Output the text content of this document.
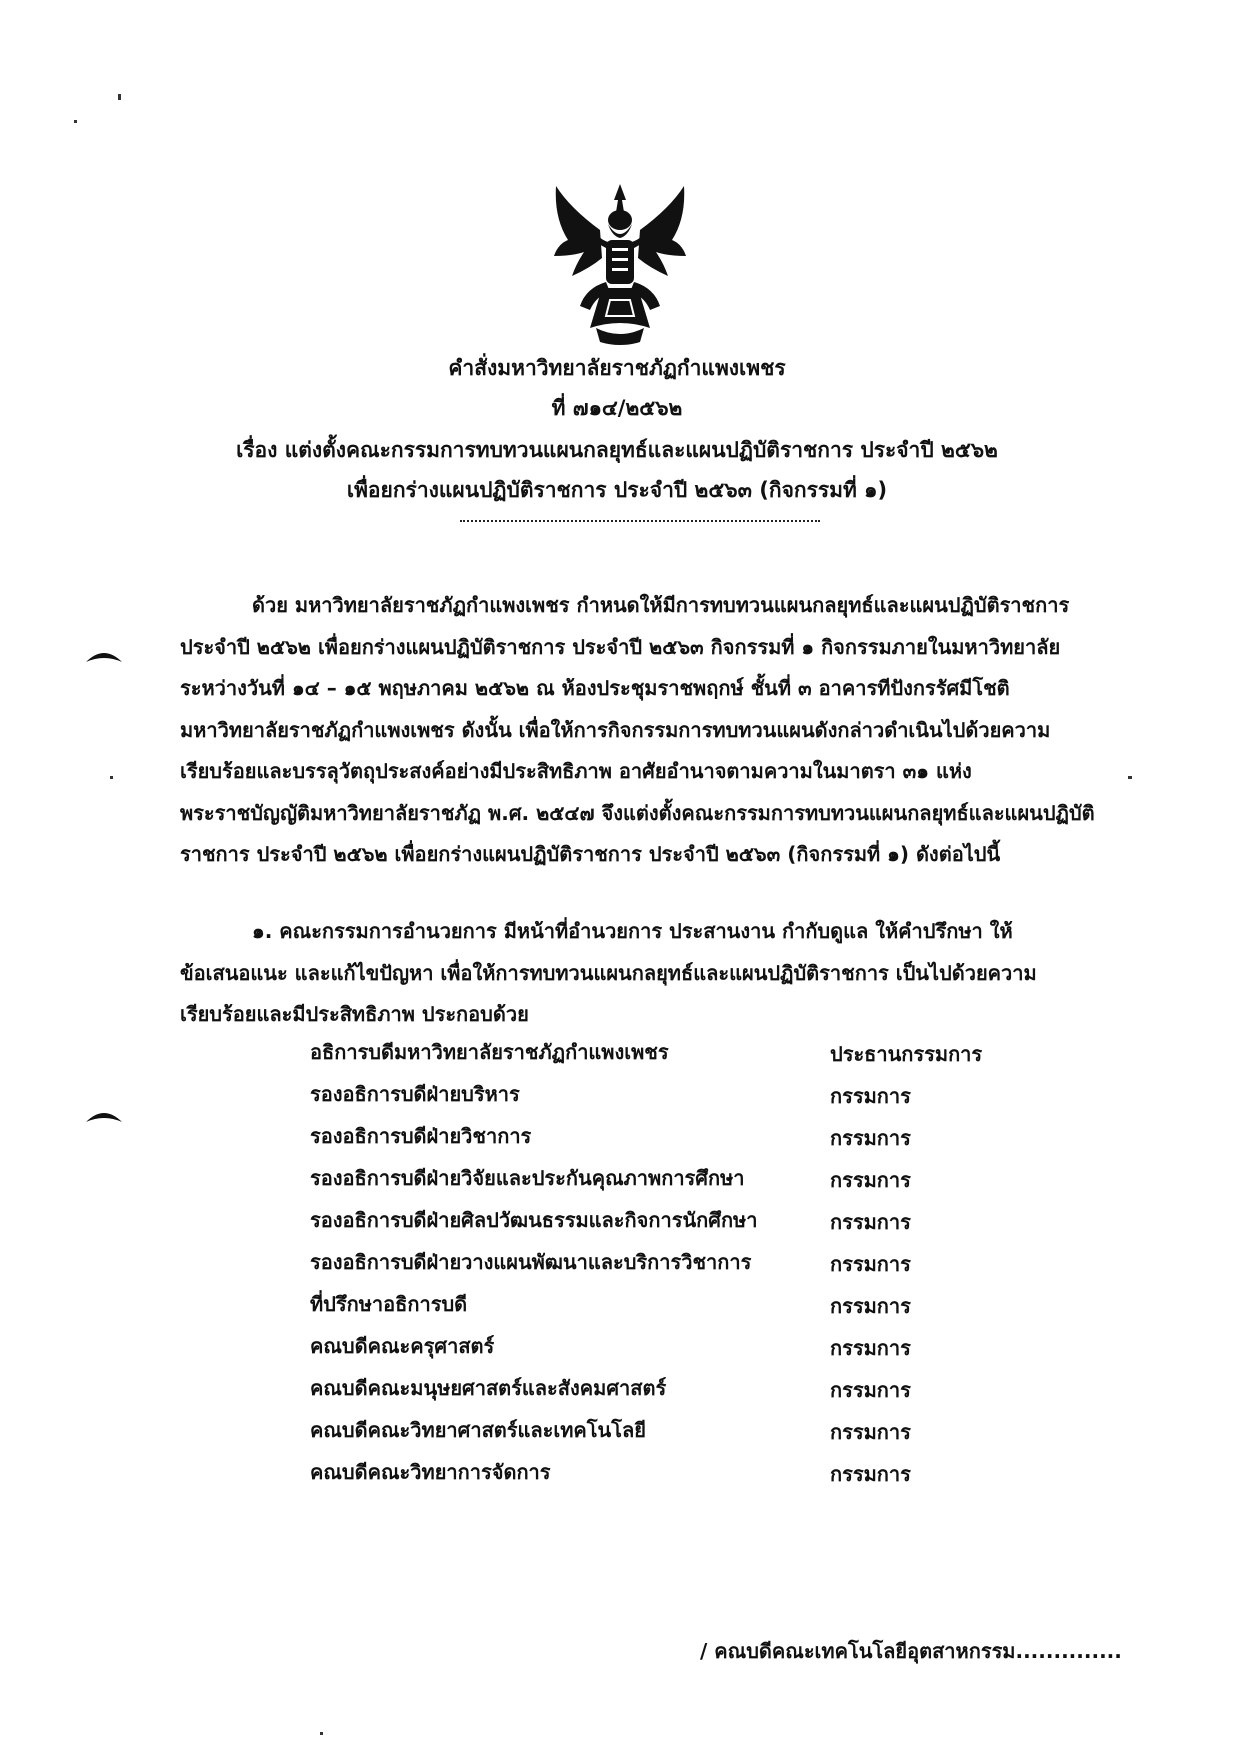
คำสั่งมหาวิทยาลัยราชภัฏกำแพงเพชร
ที่ ๗๑๔/๒๕๖๒
เรื่อง แต่งตั้งคณะกรรมการทบทวนแผนกลยุทธ์และแผนปฏิบัติราชการ ประจำปี ๒๕๖๒
เพื่อยกร่างแผนปฏิบัติราชการ ประจำปี ๒๕๖๓ (กิจกรรมที่ ๑)
ด้วย มหาวิทยาลัยราชภัฏกำแพงเพชร กำหนดให้มีการทบทวนแผนกลยุทธ์และแผนปฏิบัติราชการ
ประจำปี ๒๕๖๒ เพื่อยกร่างแผนปฏิบัติราชการ ประจำปี ๒๕๖๓ กิจกรรมที่ ๑ กิจกรรมภายในมหาวิทยาลัย
ระหว่างวันที่ ๑๔ – ๑๕ พฤษภาคม ๒๕๖๒ ณ ห้องประชุมราชพฤกษ์ ชั้นที่ ๓ อาคารทีปังกรรัศมีโชติ
มหาวิทยาลัยราชภัฏกำแพงเพชร ดังนั้น เพื่อให้การกิจกรรมการทบทวนแผนดังกล่าวดำเนินไปด้วยความ
เรียบร้อยและบรรลุวัตถุประสงค์อย่างมีประสิทธิภาพ อาศัยอำนาจตามความในมาตรา ๓๑ แห่ง
พระราชบัญญัติมหาวิทยาลัยราชภัฏ พ.ศ. ๒๕๔๗ จึงแต่งตั้งคณะกรรมการทบทวนแผนกลยุทธ์และแผนปฏิบัติ
ราชการ ประจำปี ๒๕๖๒ เพื่อยกร่างแผนปฏิบัติราชการ ประจำปี ๒๕๖๓ (กิจกรรมที่ ๑) ดังต่อไปนี้
๑. คณะกรรมการอำนวยการ มีหน้าที่อำนวยการ ประสานงาน กำกับดูแล ให้คำปรึกษา ให้
ข้อเสนอแนะ และแก้ไขปัญหา เพื่อให้การทบทวนแผนกลยุทธ์และแผนปฏิบัติราชการ เป็นไปด้วยความ
เรียบร้อยและมีประสิทธิภาพ ประกอบด้วย
อธิการบดีมหาวิทยาลัยราชภัฏกำแพงเพชร	ประธานกรรมการ
รองอธิการบดีฝ่ายบริหาร	กรรมการ
รองอธิการบดีฝ่ายวิชาการ	กรรมการ
รองอธิการบดีฝ่ายวิจัยและประกันคุณภาพการศึกษา	กรรมการ
รองอธิการบดีฝ่ายศิลปวัฒนธรรมและกิจการนักศึกษา	กรรมการ
รองอธิการบดีฝ่ายวางแผนพัฒนาและบริการวิชาการ	กรรมการ
ที่ปรึกษาอธิการบดี	กรรมการ
คณบดีคณะครุศาสตร์	กรรมการ
คณบดีคณะมนุษยศาสตร์และสังคมศาสตร์	กรรมการ
คณบดีคณะวิทยาศาสตร์และเทคโนโลยี	กรรมการ
คณบดีคณะวิทยาการจัดการ	กรรมการ
/ คณบดีคณะเทคโนโลยีอุตสาหกรรม..............
